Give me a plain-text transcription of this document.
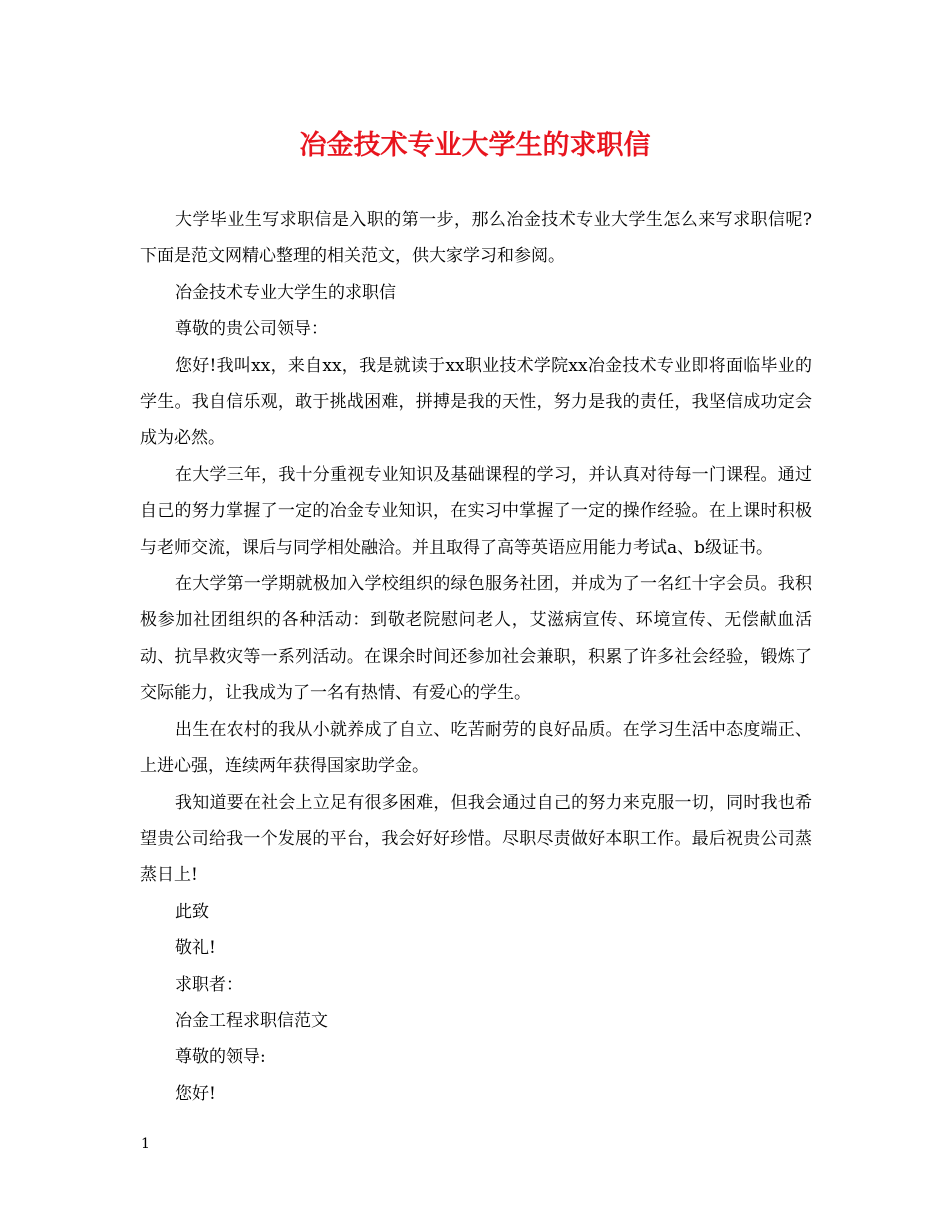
冶金技术专业大学生的求职信

大学毕业生写求职信是入职的第一步，那么冶金技术专业大学生怎么来写求职信呢?下面是范文网精心整理的相关范文，供大家学习和参阅。

冶金技术专业大学生的求职信

尊敬的贵公司领导：

您好!我叫xx，来自xx，我是就读于xx职业技术学院xx冶金技术专业即将面临毕业的学生。我自信乐观，敢于挑战困难，拼搏是我的天性，努力是我的责任，我坚信成功定会成为必然。

在大学三年，我十分重视专业知识及基础课程的学习，并认真对待每一门课程。通过自己的努力掌握了一定的冶金专业知识，在实习中掌握了一定的操作经验。在上课时积极与老师交流，课后与同学相处融洽。并且取得了高等英语应用能力考试a、b级证书。

在大学第一学期就极加入学校组织的绿色服务社团，并成为了一名红十字会员。我积极参加社团组织的各种活动：到敬老院慰问老人，艾滋病宣传、环境宣传、无偿献血活动、抗旱救灾等一系列活动。在课余时间还参加社会兼职，积累了许多社会经验，锻炼了交际能力，让我成为了一名有热情、有爱心的学生。

出生在农村的我从小就养成了自立、吃苦耐劳的良好品质。在学习生活中态度端正、上进心强，连续两年获得国家助学金。

我知道要在社会上立足有很多困难，但我会通过自己的努力来克服一切，同时我也希望贵公司给我一个发展的平台，我会好好珍惜。尽职尽责做好本职工作。最后祝贵公司蒸蒸日上!

此致

敬礼!

求职者：

冶金工程求职信范文

尊敬的领导:

您好!

1
